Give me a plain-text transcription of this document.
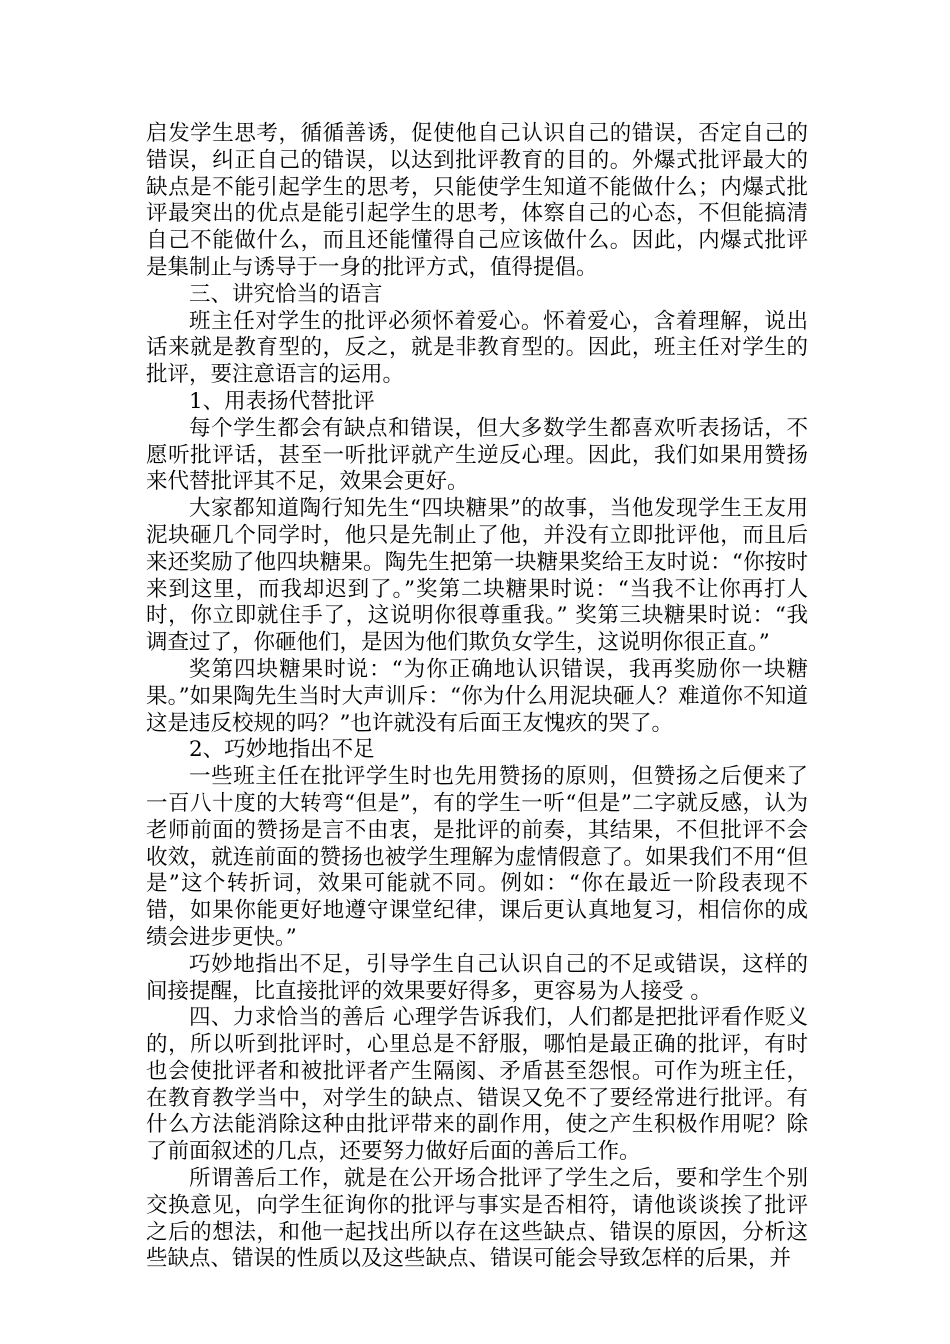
启发学生思考，循循善诱，促使他自己认识自己的错误，否定自己的错误，纠正自己的错误，以达到批评教育的目的。外爆式批评最大的缺点是不能引起学生的思考，只能使学生知道不能做什么；内爆式批评最突出的优点是能引起学生的思考，体察自己的心态，不但能搞清自己不能做什么，而且还能懂得自己应该做什么。因此，内爆式批评是集制止与诱导于一身的批评方式，值得提倡。

三、讲究恰当的语言

班主任对学生的批评必须怀着爱心。怀着爱心，含着理解，说出话来就是教育型的，反之，就是非教育型的。因此，班主任对学生的批评，要注意语言的运用。

1、用表扬代替批评

每个学生都会有缺点和错误，但大多数学生都喜欢听表扬话，不愿听批评话，甚至一听批评就产生逆反心理。因此，我们如果用赞扬来代替批评其不足，效果会更好。

大家都知道陶行知先生“四块糖果”的故事，当他发现学生王友用泥块砸几个同学时，他只是先制止了他，并没有立即批评他，而且后来还奖励了他四块糖果。陶先生把第一块糖果奖给王友时说：“你按时来到这里，而我却迟到了。”奖第二块糖果时说：“当我不让你再打人时，你立即就住手了，这说明你很尊重我。” 奖第三块糖果时说：“我调查过了，你砸他们，是因为他们欺负女学生，这说明你很正直。”

奖第四块糖果时说：“为你正确地认识错误，我再奖励你一块糖果。”如果陶先生当时大声训斥：“你为什么用泥块砸人？难道你不知道这是违反校规的吗？”也许就没有后面王友愧疚的哭了。

2、巧妙地指出不足

一些班主任在批评学生时也先用赞扬的原则，但赞扬之后便来了一百八十度的大转弯“但是”，有的学生一听“但是”二字就反感，认为老师前面的赞扬是言不由衷，是批评的前奏，其结果，不但批评不会收效，就连前面的赞扬也被学生理解为虚情假意了。如果我们不用“但是”这个转折词，效果可能就不同。例如：“你在最近一阶段表现不错，如果你能更好地遵守课堂纪律，课后更认真地复习，相信你的成绩会进步更快。”

巧妙地指出不足，引导学生自己认识自己的不足或错误，这样的间接提醒，比直接批评的效果要好得多，更容易为人接受 。

四、力求恰当的善后 心理学告诉我们，人们都是把批评看作贬义的，所以听到批评时，心里总是不舒服，哪怕是最正确的批评，有时也会使批评者和被批评者产生隔阂、矛盾甚至怨恨。可作为班主任，在教育教学当中，对学生的缺点、错误又免不了要经常进行批评。有什么方法能消除这种由批评带来的副作用，使之产生积极作用呢？除了前面叙述的几点，还要努力做好后面的善后工作。

所谓善后工作，就是在公开场合批评了学生之后，要和学生个别交换意见，向学生征询你的批评与事实是否相符，请他谈谈挨了批评之后的想法，和他一起找出所以存在这些缺点、错误的原因，分析这些缺点、错误的性质以及这些缺点、错误可能会导致怎样的后果，并
